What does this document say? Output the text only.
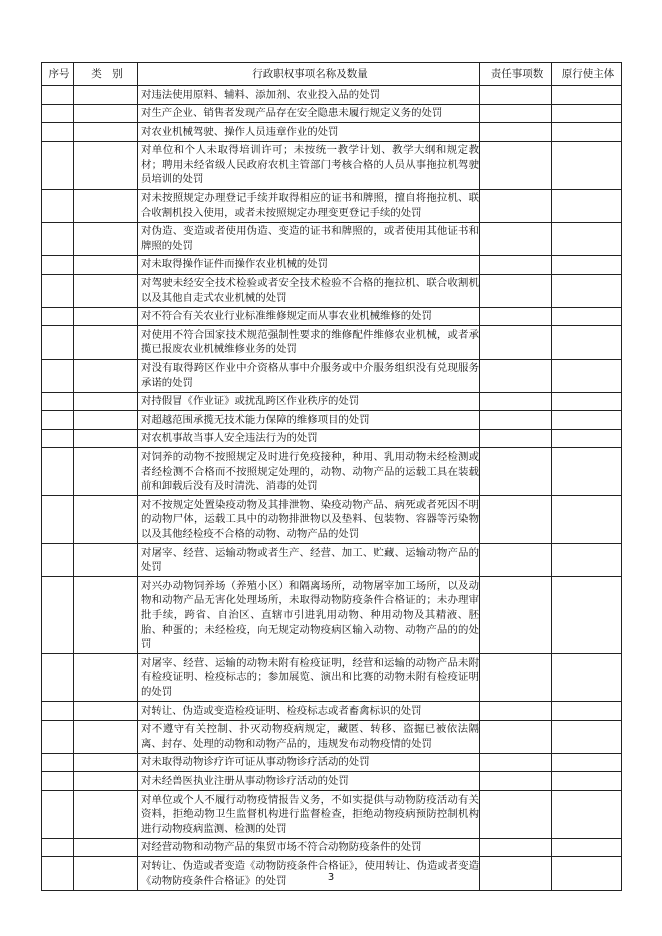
序号	类　别	行政职权事项名称及数量	责任事项数	原行使主体
		对违法使用原料、辅料、添加剂、农业投入品的处罚		
		对生产企业、销售者发现产品存在安全隐患未履行规定义务的处罚		
		对农业机械驾驶、操作人员违章作业的处罚		
		对单位和个人未取得培训许可；未按统一教学计划、教学大纲和规定教材；聘用未经省级人民政府农机主管部门考核合格的人员从事拖拉机驾驶员培训的处罚		
		对未按照规定办理登记手续并取得相应的证书和牌照，擅自将拖拉机、联合收割机投入使用，或者未按照规定办理变更登记手续的处罚		
		对伪造、变造或者使用伪造、变造的证书和牌照的，或者使用其他证书和牌照的处罚		
		对未取得操作证件而操作农业机械的处罚		
		对驾驶未经安全技术检验或者安全技术检验不合格的拖拉机、联合收割机以及其他自走式农业机械的处罚		
		对不符合有关农业行业标准维修规定而从事农业机械维修的处罚		
		对使用不符合国家技术规范强制性要求的维修配件维修农业机械，或者承揽已报废农业机械维修业务的处罚		
		对没有取得跨区作业中介资格从事中介服务或中介服务组织没有兑现服务承诺的处罚		
		对持假冒《作业证》或扰乱跨区作业秩序的处罚		
		对超越范围承揽无技术能力保障的维修项目的处罚		
		对农机事故当事人安全违法行为的处罚		
		对饲养的动物不按照规定及时进行免疫接种，种用、乳用动物未经检测或者经检测不合格而不按照规定处理的，动物、动物产品的运载工具在装载前和卸载后没有及时清洗、消毒的处罚		
		对不按规定处置染疫动物及其排泄物、染疫动物产品、病死或者死因不明的动物尸体，运载工具中的动物排泄物以及垫料、包装物、容器等污染物以及其他经检疫不合格的动物、动物产品的处罚		
		对屠宰、经营、运输动物或者生产、经营、加工、贮藏、运输动物产品的处罚		
		对兴办动物饲养场（养殖小区）和隔离场所，动物屠宰加工场所，以及动物和动物产品无害化处理场所，未取得动物防疫条件合格证的；未办理审批手续，跨省、自治区、直辖市引进乳用动物、种用动物及其精液、胚胎、种蛋的；未经检疫，向无规定动物疫病区输入动物、动物产品的的处罚		
		对屠宰、经营、运输的动物未附有检疫证明，经营和运输的动物产品未附有检疫证明、检疫标志的；参加展览、演出和比赛的动物未附有检疫证明的处罚		
		对转让、伪造或变造检疫证明、检疫标志或者畜禽标识的处罚		
		对不遵守有关控制、扑灭动物疫病规定，藏匿、转移、盗掘已被依法隔离、封存、处理的动物和动物产品的，违规发布动物疫情的处罚		
		对未取得动物诊疗许可证从事动物诊疗活动的处罚		
		对未经兽医执业注册从事动物诊疗活动的处罚		
		对单位或个人不履行动物疫情报告义务，不如实提供与动物防疫活动有关资料，拒绝动物卫生监督机构进行监督检查，拒绝动物疫病预防控制机构进行动物疫病监测、检测的处罚		
		对经营动物和动物产品的集贸市场不符合动物防疫条件的处罚		
		对转让、伪造或者变造《动物防疫条件合格证》，使用转让、伪造或者变造《动物防疫条件合格证》的处罚			3
